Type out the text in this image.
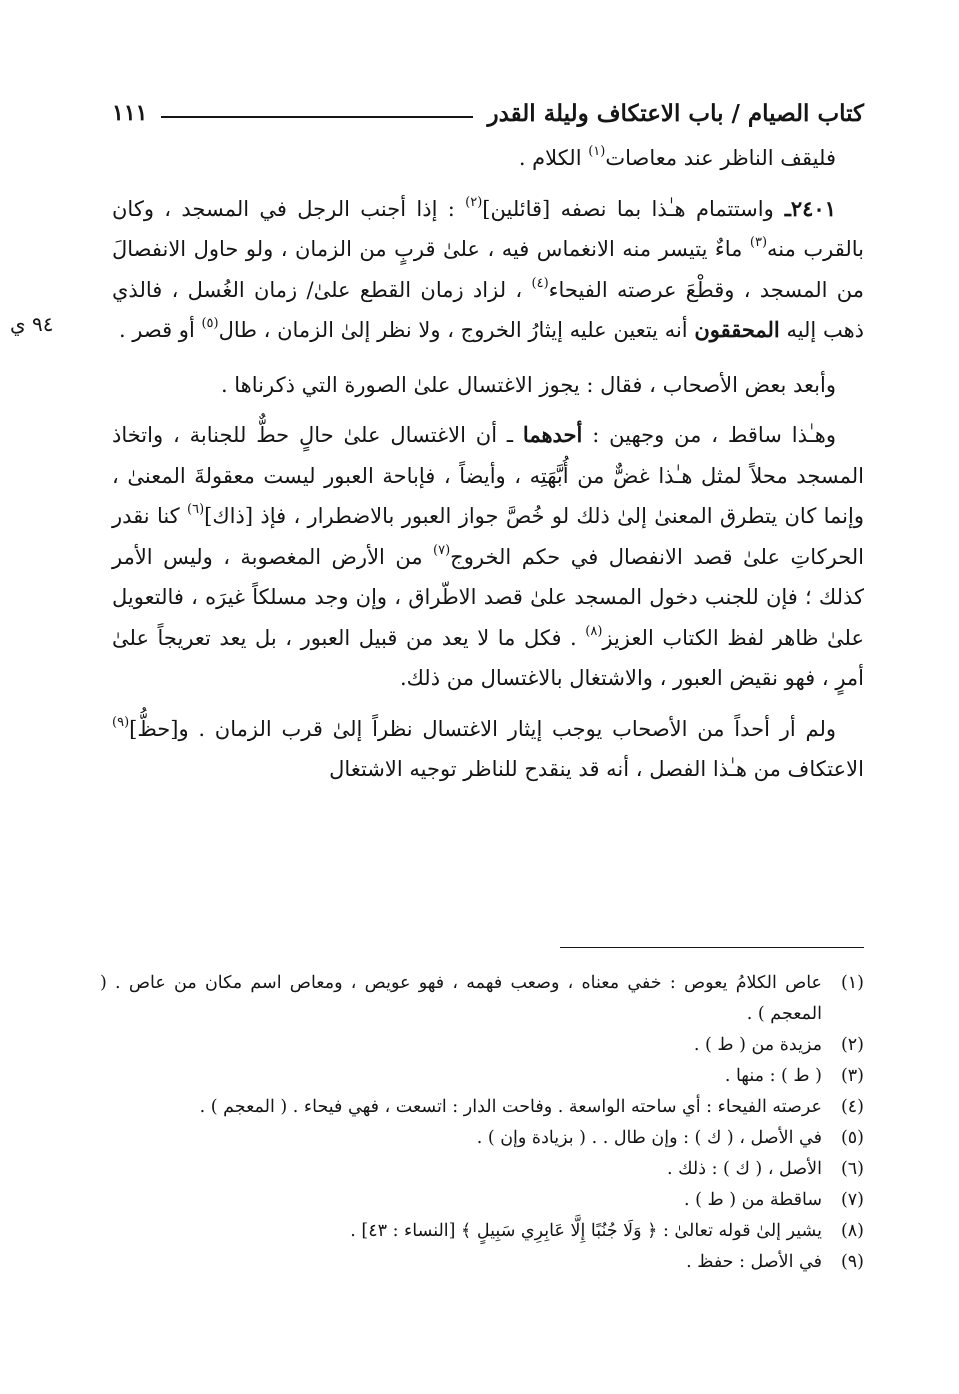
كتاب الصيام / باب الاعتكاف وليلة القدر
١١١
٩٤ ي

فليقف الناظر عند معاصات$^{(١)}$ الكلام .

٢٤٠١ـ واستتمام هـٰذا بما نصفه [قائلين]$^{(٢)}$ : إذا أجنب الرجل في المسجد ، وكان بالقرب منه$^{(٣)}$ ماءٌ يتيسر منه الانغماس فيه ، علىٰ قربٍ من الزمان ، ولو حاول الانفصالَ من المسجد ، وقطْعَ عرصته الفيحاء$^{(٤)}$ ، لزاد زمان القطع علىٰ/ زمان الغُسل ، فالذي ذهب إليه المحققون أنه يتعين عليه إيثارُ الخروج ، ولا نظر إلىٰ الزمان ، طال$^{(٥)}$ أو قصر .

وأبعد بعض الأصحاب ، فقال : يجوز الاغتسال علىٰ الصورة التي ذكرناها .

وهـٰذا ساقط ، من وجهين : أحدهما ـ أن الاغتسال علىٰ حالٍ حطٌّ للجنابة ، واتخاذ المسجد محلاً لمثل هـٰذا غضٌّ من أُبَّهَتِه ، وأيضاً ، فإباحة العبور ليست معقولةَ المعنىٰ ، وإنما كان يتطرق المعنىٰ إلىٰ ذلك لو خُصَّ جواز العبور بالاضطرار ، فإذ [ذاك]$^{(٦)}$ كنا نقدر الحركاتِ علىٰ قصد الانفصال في حكم الخروج$^{(٧)}$ من الأرض المغصوبة ، وليس الأمر كذلك ؛ فإن للجنب دخول المسجد علىٰ قصد الاطّراق ، وإن وجد مسلكاً غيرَه ، فالتعويل علىٰ ظاهر لفظ الكتاب العزيز$^{(٨)}$ . فكل ما لا يعد من قبيل العبور ، بل يعد تعريجاً علىٰ أمرٍ ، فهو نقيض العبور ، والاشتغال بالاغتسال من ذلك.

ولم أر أحداً من الأصحاب يوجب إيثار الاغتسال نظراً إلىٰ قرب الزمان . و[حظُّ]$^{(٩)}$ الاعتكاف من هـٰذا الفصل ، أنه قد ينقدح للناظر توجيه الاشتغال

(١)
عاص الكلامُ يعوص : خفي معناه ، وصعب فهمه ، فهو عويص ، ومعاص اسم مكان من عاص . ( المعجم ) .
(٢)
مزيدة من ( ط ) .
(٣)
( ط ) : منها .
(٤)
عرصته الفيحاء : أي ساحته الواسعة . وفاحت الدار : اتسعت ، فهي فيحاء . ( المعجم ) .
(٥)
في الأصل ، ( ك ) : وإن طال . . ( بزيادة وإن ) .
(٦)
الأصل ، ( ك ) : ذلك .
(٧)
ساقطة من ( ط ) .
(٨)
يشير إلىٰ قوله تعالىٰ : ﴿ وَلَا جُنُبًا إِلَّا عَابِرِي سَبِيلٍ ﴾ [النساء : ٤٣] .
(٩)
في الأصل : حفظ .
